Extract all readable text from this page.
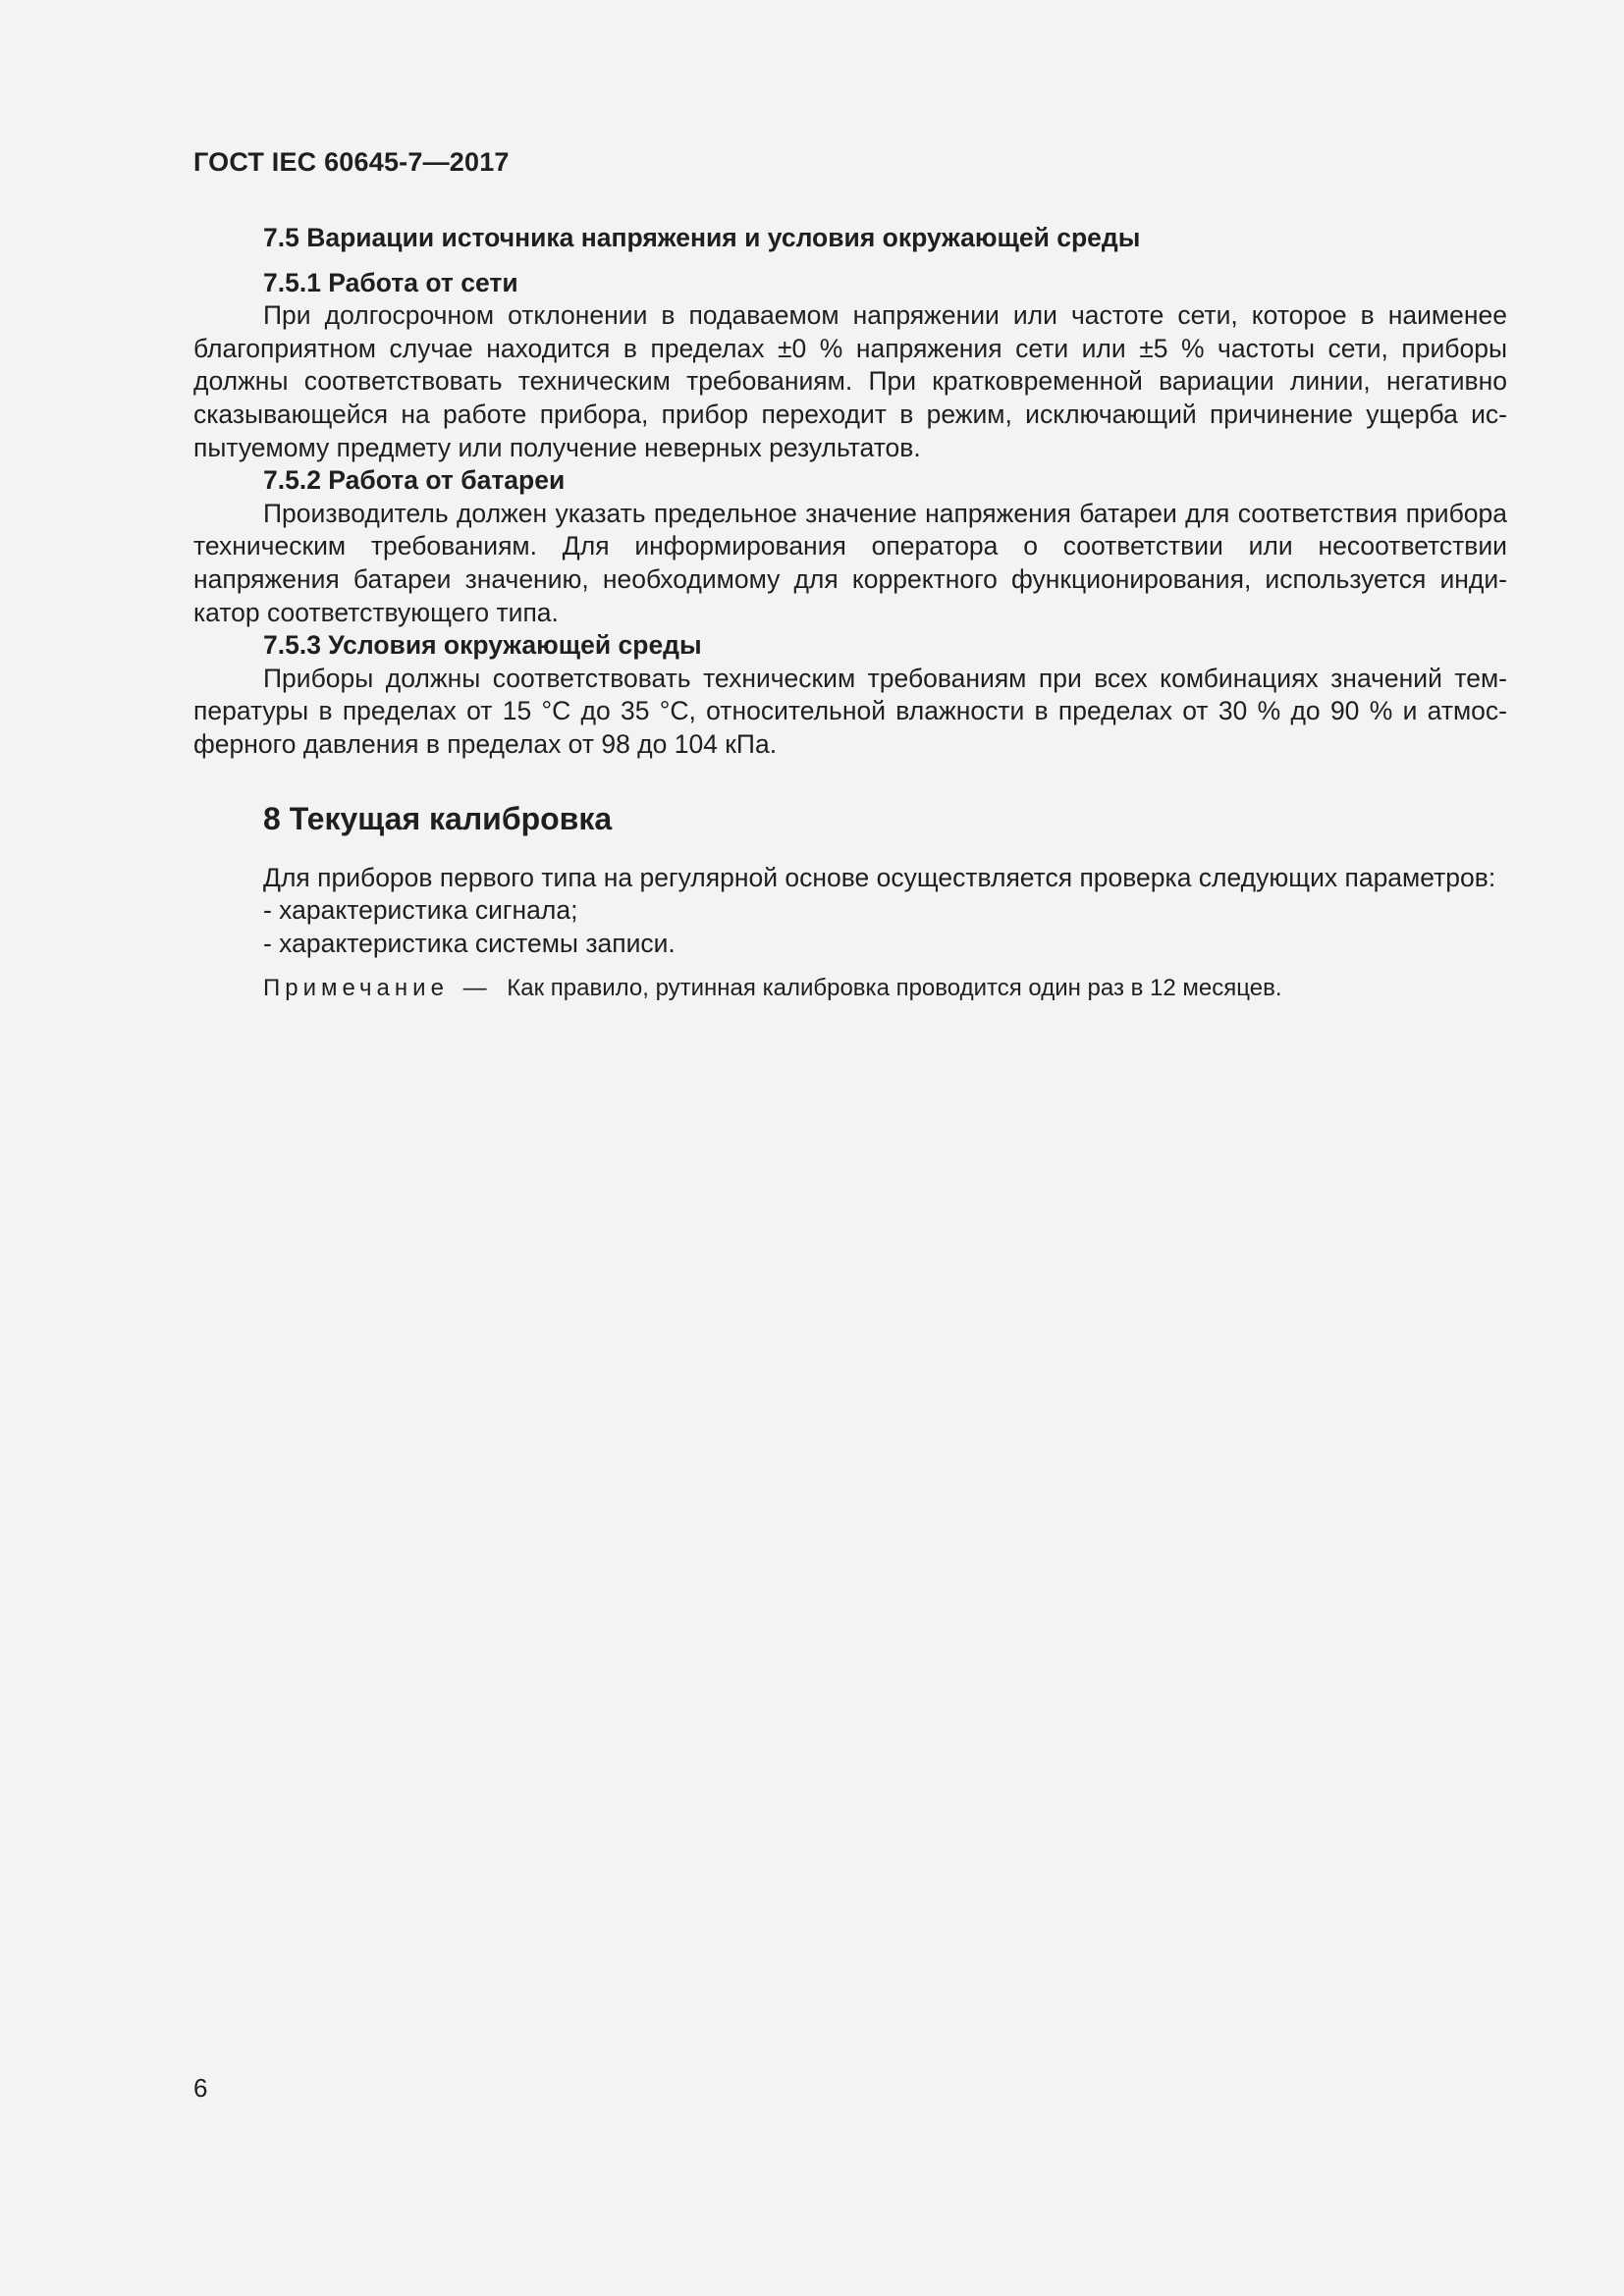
ГОСТ IEC 60645-7—2017
7.5 Вариации источника напряжения и условия окружающей среды
7.5.1 Работа от сети

При долгосрочном отклонении в подаваемом напряжении или частоте сети, которое в наименее благоприятном случае находится в пределах ±0 % напряжения сети или ±5 % частоты сети, приборы должны соответствовать техническим требованиям. При кратковременной вариации линии, негативно сказывающейся на работе прибора, прибор переходит в режим, исключающий причинение ущерба испытуемому предмету или получение неверных результатов.

7.5.2 Работа от батареи

Производитель должен указать предельное значение напряжения батареи для соответствия прибора техническим требованиям. Для информирования оператора о соответствии или несоответствии напряжения батареи значению, необходимому для корректного функционирования, используется индикатор соответствующего типа.

7.5.3 Условия окружающей среды

Приборы должны соответствовать техническим требованиям при всех комбинациях значений температуры в пределах от 15 °С до 35 °С, относительной влажности в пределах от 30 % до 90 % и атмосферного давления в пределах от 98 до 104 кПа.

8 Текущая калибровка

Для приборов первого типа на регулярной основе осуществляется проверка следующих параметров:

- характеристика сигнала;
- характеристика системы записи.
Примечание — Как правило, рутинная калибровка проводится один раз в 12 месяцев.
6
